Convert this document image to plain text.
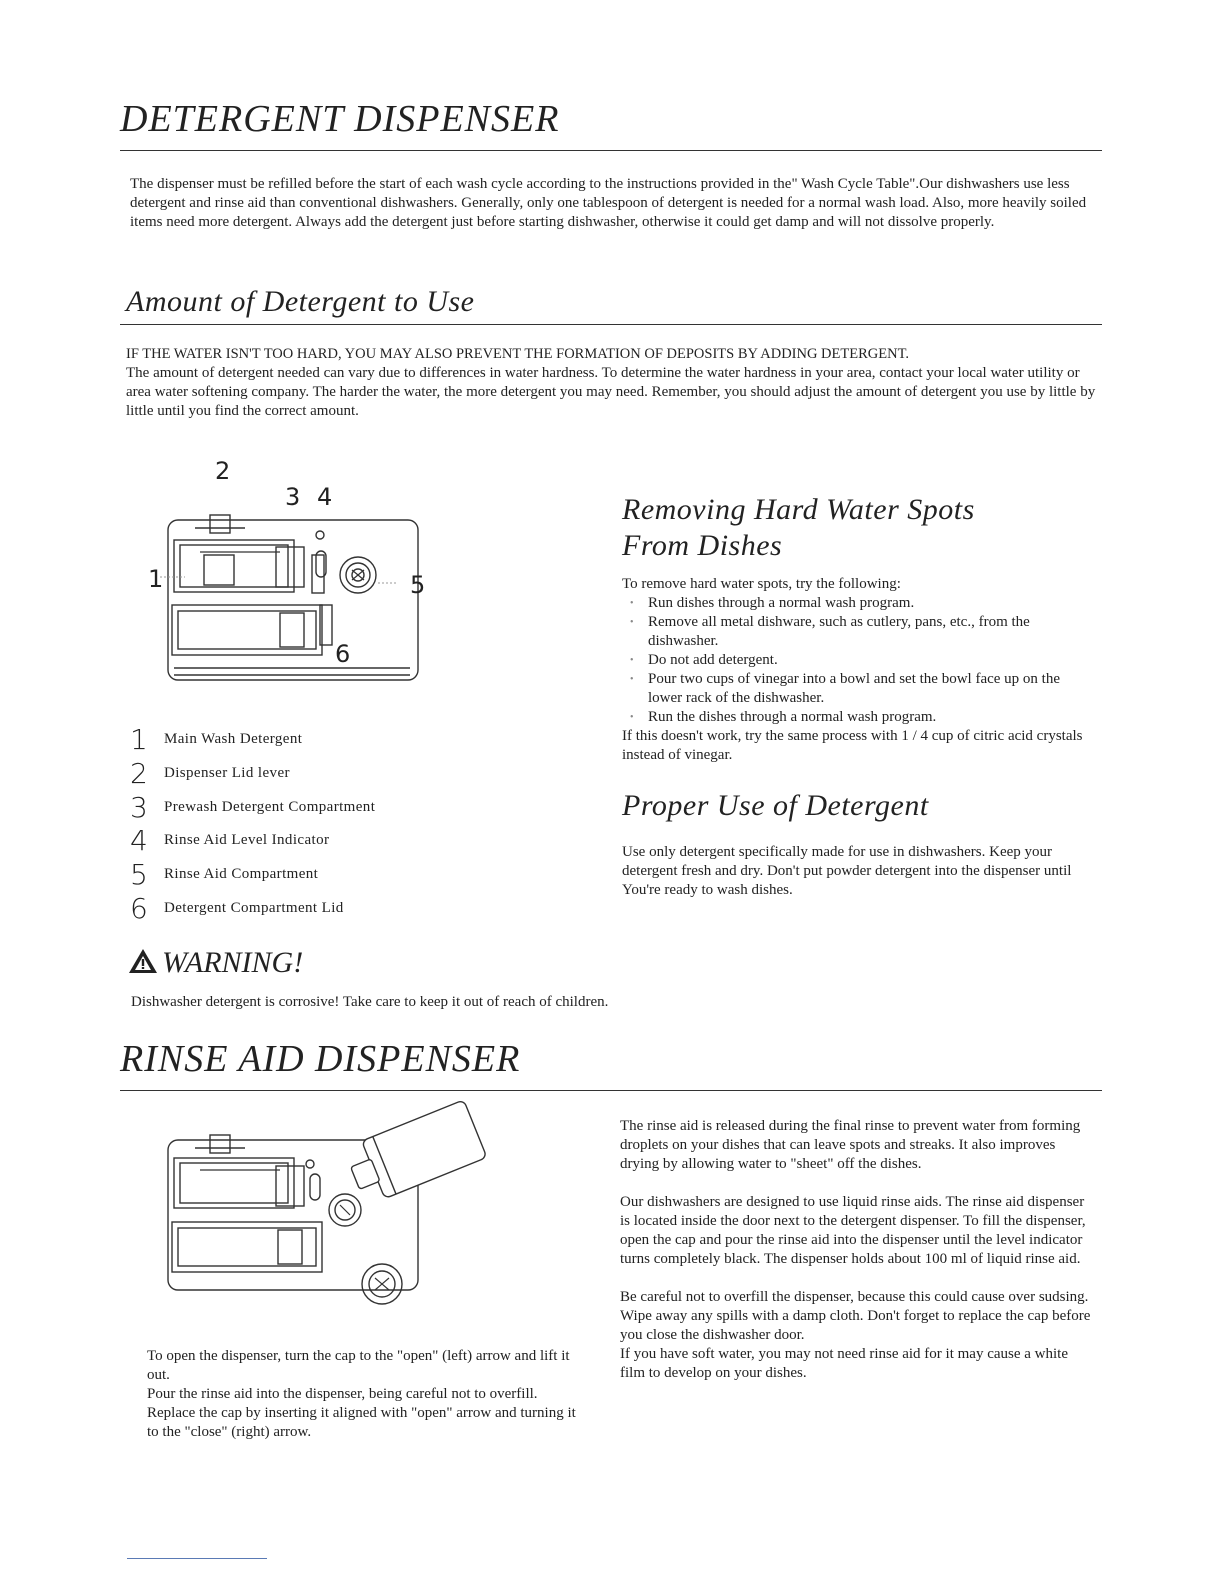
DETERGENT DISPENSER
The dispenser must be refilled before the start of each wash cycle according to the instructions provided in the" Wash Cycle Table".Our dishwashers use less detergent and rinse aid than conventional dishwashers. Generally, only one tablespoon of detergent is needed for a normal wash load. Also, more heavily soiled items need more detergent. Always add the detergent just before starting dishwasher, otherwise it could get damp and will not dissolve properly.
Amount of Detergent to Use
IF THE WATER ISN'T TOO HARD, YOU MAY ALSO PREVENT THE FORMATION OF DEPOSITS BY ADDING DETERGENT.
The amount of detergent needed can vary due to differences in water hardness. To determine the water hardness in your area, contact your local water utility or area water softening company. The harder the water, the more detergent you may need. Remember, you should adjust the amount of detergent you use by little by little until you find the correct amount.
2
3 4
1	5
6
1	Main Wash Detergent
2	Dispenser Lid lever
3	Prewash Detergent Compartment
4	Rinse Aid Level Indicator
5	Rinse Aid Compartment
6	Detergent Compartment Lid
Removing Hard Water Spots
From Dishes

To remove hard water spots, try the following:

• Run dishes through a normal wash program.
• Remove all metal dishware, such as cutlery, pans, etc., from the dishwasher.
• Do not add detergent.
• Pour two cups of vinegar into a bowl and set the bowl face up on the lower rack of the dishwasher.
• Run the dishes through a normal wash program.

If this doesn't work, try the same process with 1 / 4 cup of citric acid crystals instead of vinegar.

Proper Use of Detergent
Use only detergent specifically made for use in dishwashers. Keep your detergent fresh and dry. Don't put powder detergent into the dispenser until You're ready to wash dishes.
WARNING!
Dishwasher detergent is corrosive! Take care to keep it out of reach of children.
RINSE AID DISPENSER

To open the dispenser, turn the cap to the "open" (left) arrow and lift it out.

Pour the rinse aid into the dispenser, being careful not to overfill.

Replace the cap by inserting it aligned with "open" arrow and turning it to the "close" (right) arrow.

The rinse aid is released during the final rinse to prevent water from forming droplets on your dishes that can leave spots and streaks. It also improves drying by allowing water to "sheet" off the dishes.

Our dishwashers are designed to use liquid rinse aids. The rinse aid dispenser is located inside the door next to the detergent dispenser. To fill the dispenser, open the cap and pour the rinse aid into the dispenser until the level indicator turns completely black. The dispenser holds about 100 ml of liquid rinse aid.

Be careful not to overfill the dispenser, because this could cause over sudsing. Wipe away any spills with a damp cloth. Don't forget to replace the cap before you close the dishwasher door.

If you have soft water, you may not need rinse aid for it may cause a white film to develop on your dishes.
